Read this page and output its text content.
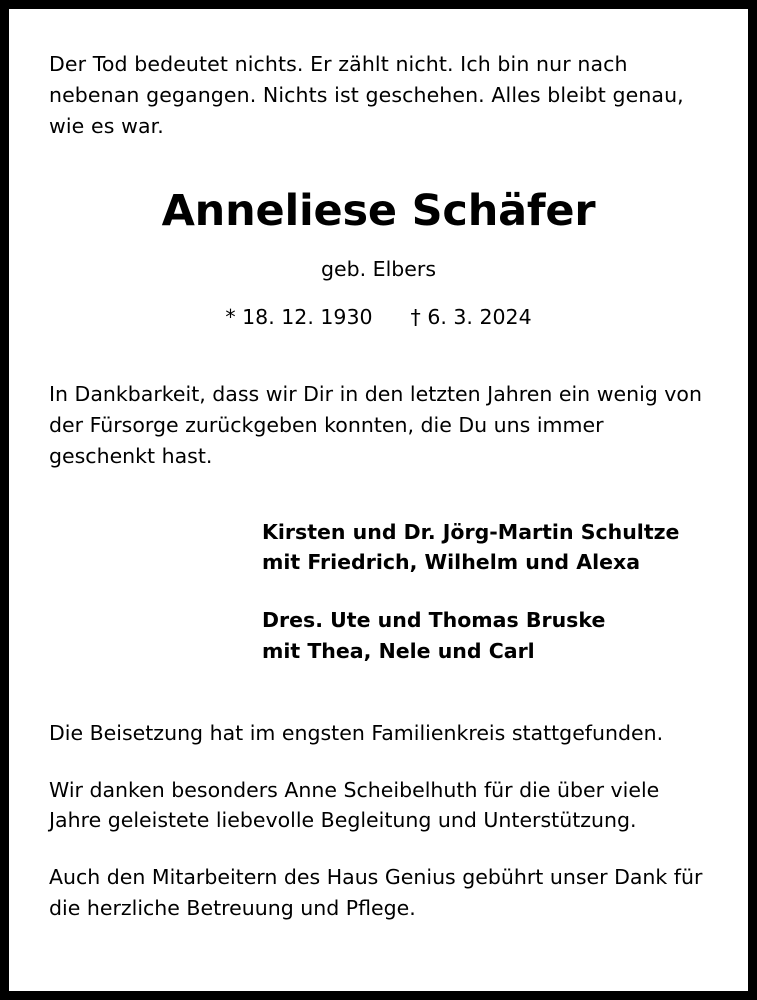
Der Tod bedeutet nichts. Er zählt nicht. Ich bin nur nach nebenan gegangen. Nichts ist geschehen. Alles bleibt genau, wie es war.

Anneliese Schäfer
geb. Elbers
* 18. 12. 1930 † 6. 3. 2024

In Dankbarkeit, dass wir Dir in den letzten Jahren ein wenig von der Fürsorge zurückgeben konnten, die Du uns immer geschenkt hast.

Kirsten und Dr. Jörg-Martin Schultze
mit Friedrich, Wilhelm und Alexa
Dres. Ute und Thomas Bruske
mit Thea, Nele und Carl

Die Beisetzung hat im engsten Familienkreis stattgefunden.

Wir danken besonders Anne Scheibelhuth für die über viele Jahre geleistete liebevolle Begleitung und Unterstützung.

Auch den Mitarbeitern des Haus Genius gebührt unser Dank für die herzliche Betreuung und Pflege.
